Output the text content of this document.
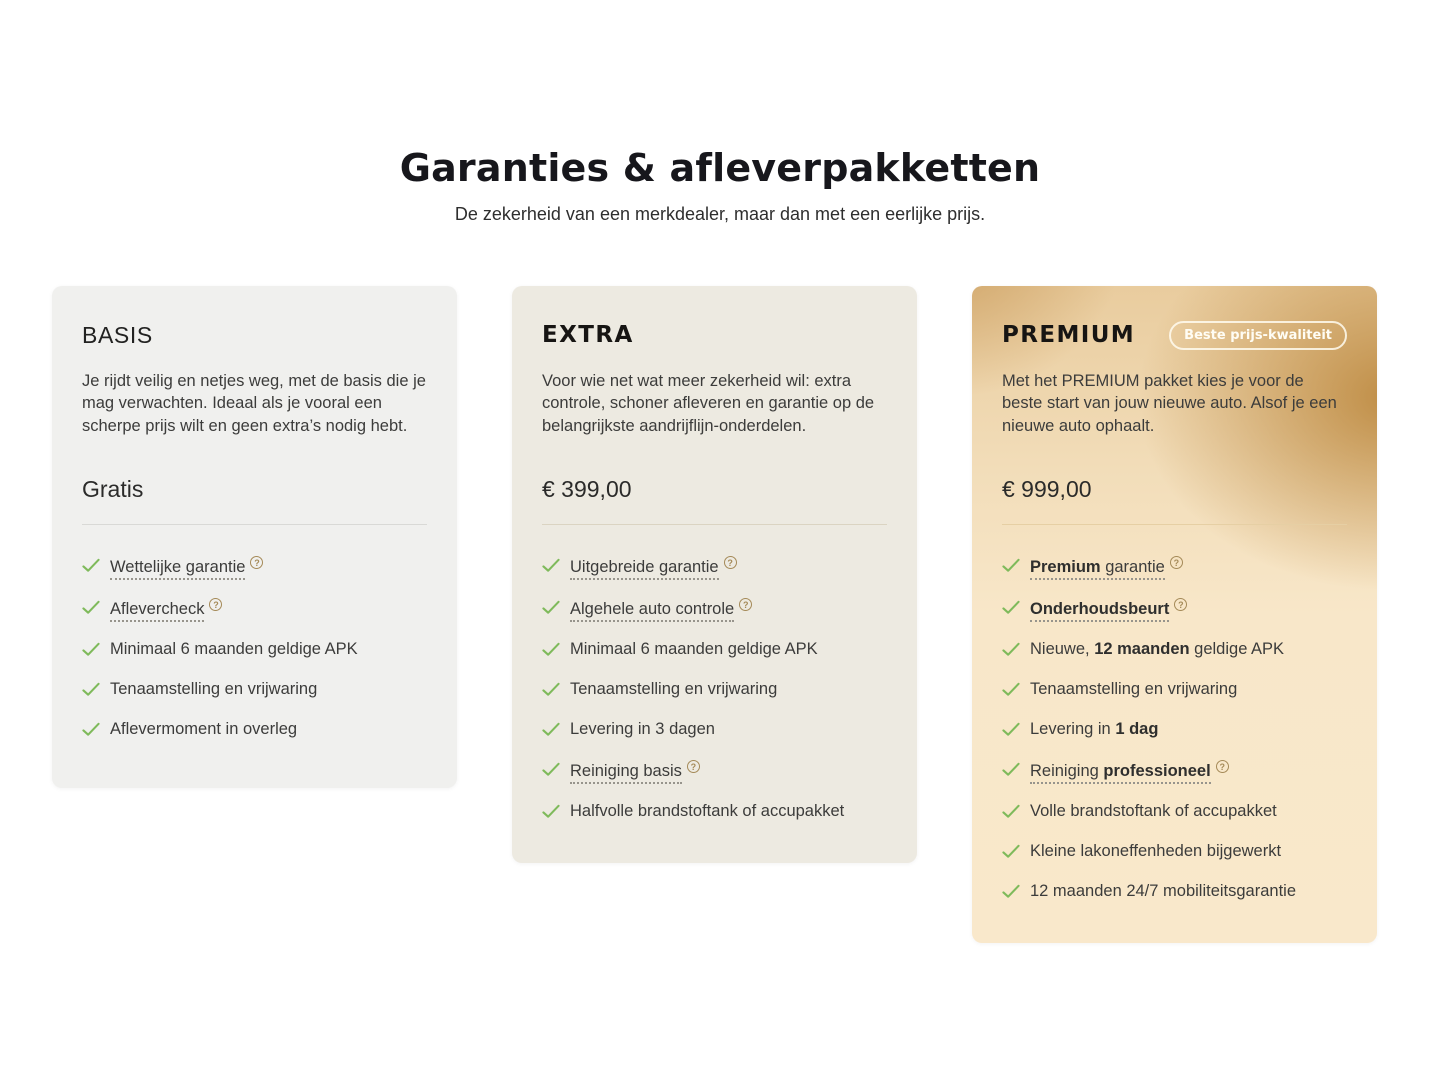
Garanties & afleverpakketten

De zekerheid van een merkdealer, maar dan met een eerlijke prijs.

BASIS

Je rijdt veilig en netjes weg, met de basis die je mag verwachten. Ideaal als je vooral een scherpe prijs wilt en geen extra’s nodig hebt.

Gratis
Wettelijke garantie ?
Aflevercheck ?
Minimaal 6 maanden geldige APK
Tenaamstelling en vrijwaring
Aflevermoment in overleg
EXTRA

Voor wie net wat meer zekerheid wil: extra controle, schoner afleveren en garantie op de belangrijkste aandrijflijn-onderdelen.

€ 399,00
Uitgebreide garantie ?
Algehele auto controle ?
Minimaal 6 maanden geldige APK
Tenaamstelling en vrijwaring
Levering in 3 dagen
Reiniging basis ?
Halfvolle brandstoftank of accupakket
PREMIUM	Beste prijs-kwaliteit

Met het PREMIUM pakket kies je voor de beste start van jouw nieuwe auto. Alsof je een nieuwe auto ophaalt.

€ 999,00
Premium garantie ?
Onderhoudsbeurt ?
Nieuwe, 12 maanden geldige APK
Tenaamstelling en vrijwaring
Levering in 1 dag
Reiniging professioneel ?
Volle brandstoftank of accupakket
Kleine lakoneffenheden bijgewerkt
12 maanden 24/7 mobiliteitsgarantie
